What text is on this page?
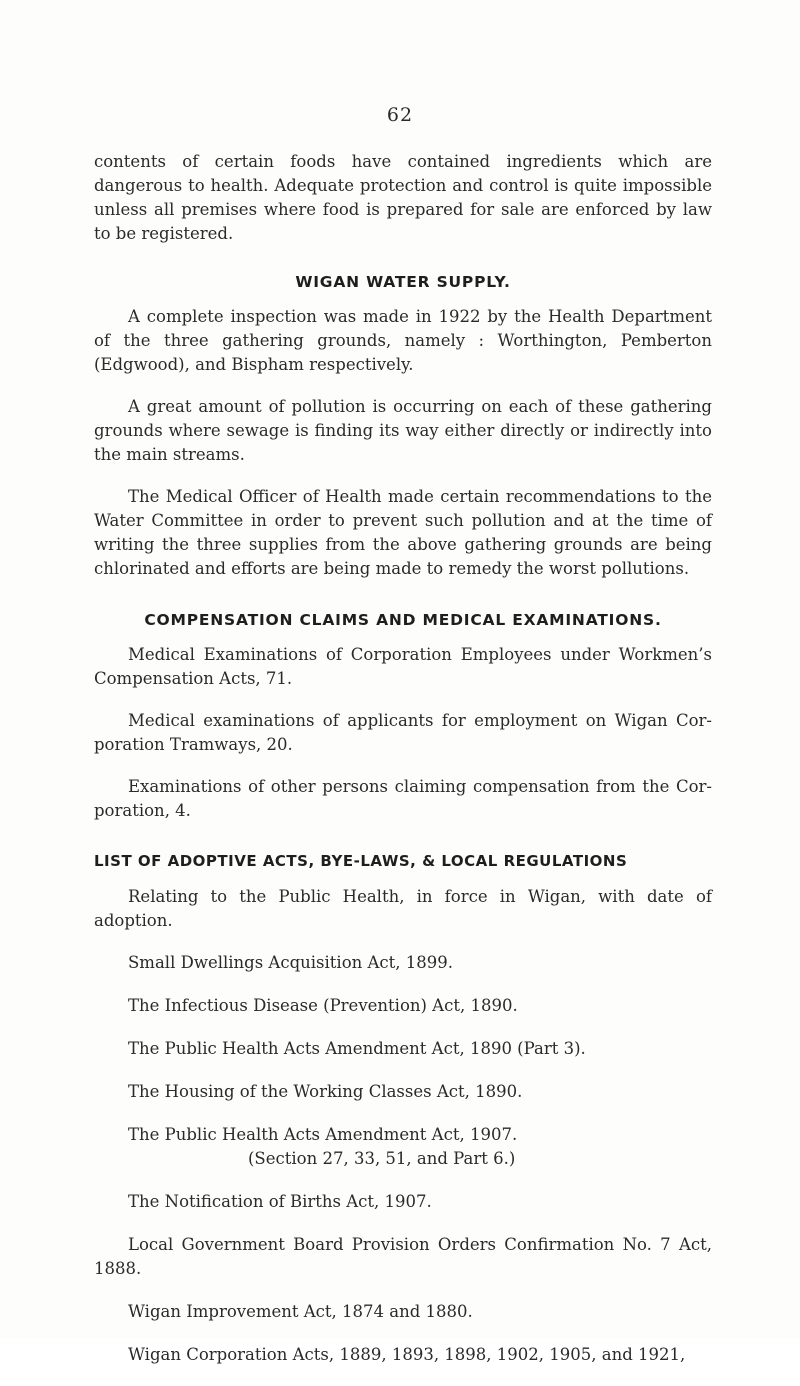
62

contents of certain foods have contained ingredients which are dangerous to health. Adequate protection and control is quite impossible unless all premises where food is prepared for sale are enforced by law to be registered.

WIGAN WATER SUPPLY.

A complete inspection was made in 1922 by the Health Department of the three gathering grounds, namely : Worthington, Pemberton (Edgwood), and Bispham respectively.

A great amount of pollution is occurring on each of these gathering grounds where sewage is finding its way either directly or indirectly into the main streams.

The Medical Officer of Health made certain recommendations to the Water Committee in order to prevent such pollution and at the time of writing the three supplies from the above gathering grounds are being chlorinated and efforts are being made to remedy the worst pollutions.

COMPENSATION CLAIMS AND MEDICAL EXAMINATIONS.

Medical Examinations of Corporation Employees under Workmen’s Compensation Acts, 71.

Medical examinations of applicants for employment on Wigan Cor- poration Tramways, 20.

Examinations of other persons claiming compensation from the Cor- poration, 4.

LIST OF ADOPTIVE ACTS, BYE-LAWS, & LOCAL REGULATIONS

Relating to the Public Health, in force in Wigan, with date of adoption.

Small Dwellings Acquisition Act, 1899.
The Infectious Disease (Prevention) Act, 1890.
The Public Health Acts Amendment Act, 1890 (Part 3).
The Housing of the Working Classes Act, 1890.
The Public Health Acts Amendment Act, 1907.
(Section 27, 33, 51, and Part 6.)
The Notification of Births Act, 1907.
Local Government Board Provision Orders Confirmation No. 7 Act, 1888.
Wigan Improvement Act, 1874 and 1880.
Wigan Corporation Acts, 1889, 1893, 1898, 1902, 1905, and 1921,
